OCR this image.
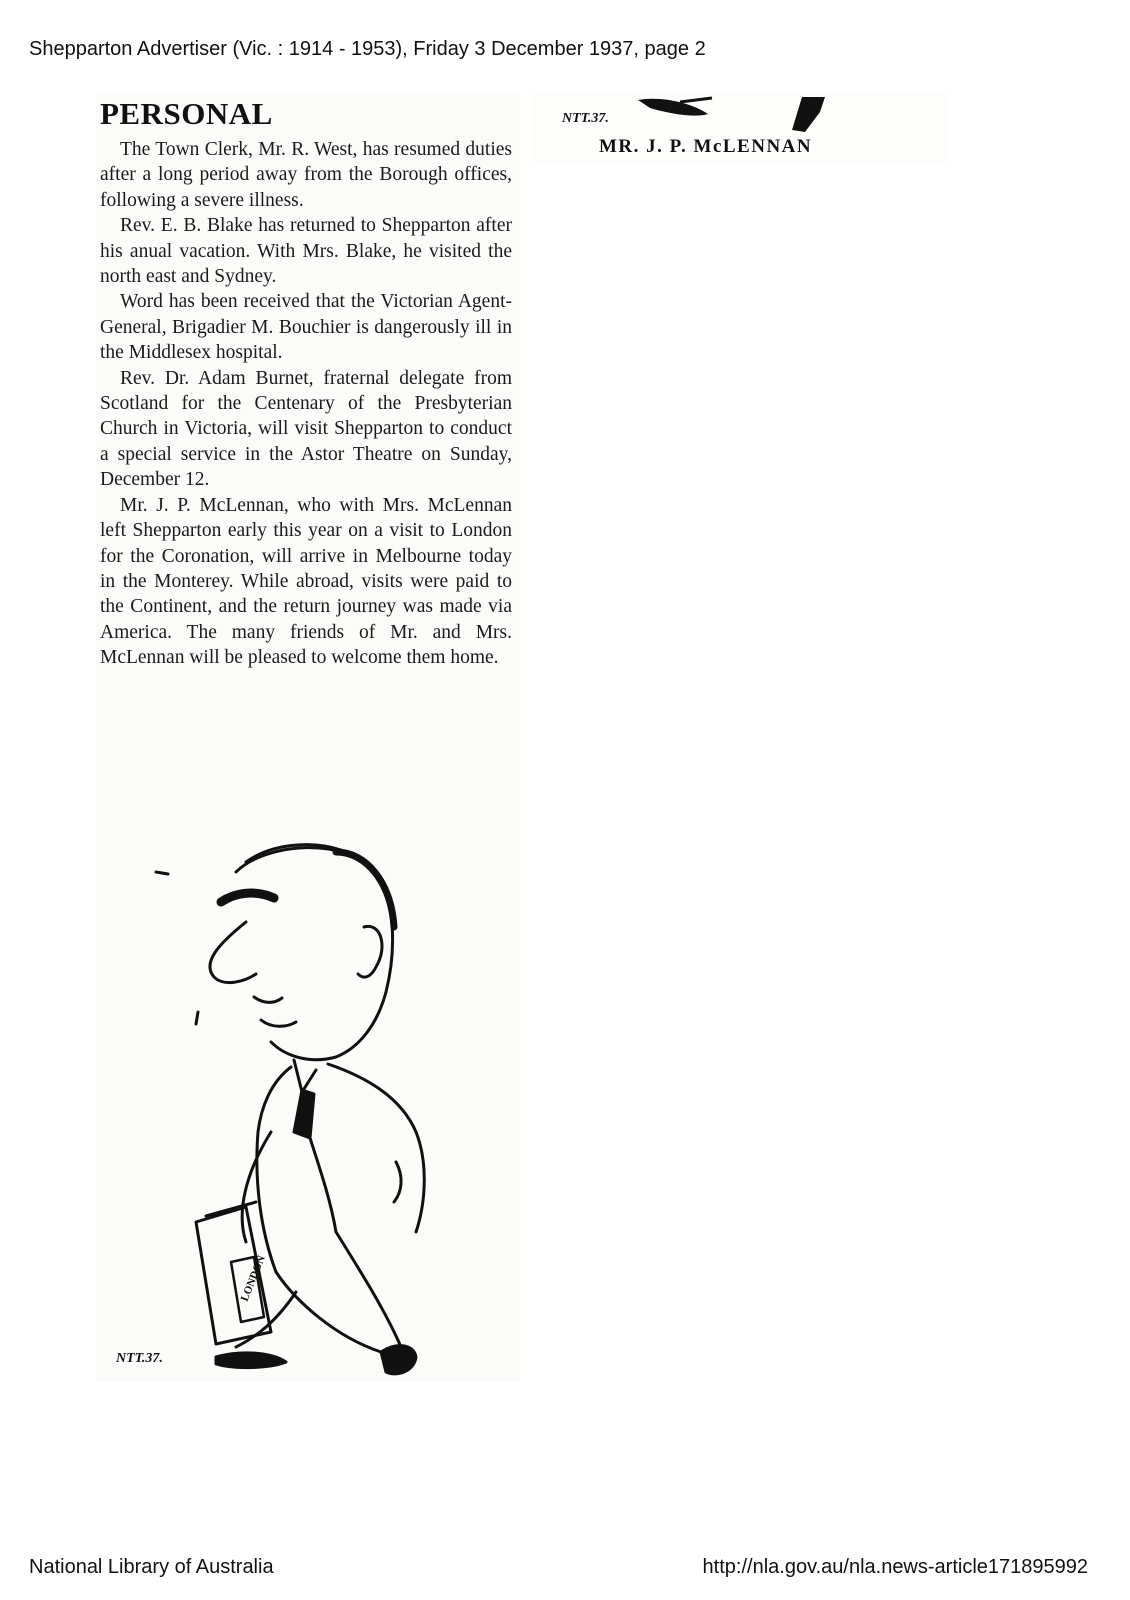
Shepparton Advertiser (Vic. : 1914 - 1953), Friday 3 December 1937, page 2
PERSONAL

The Town Clerk, Mr. R. West, has resumed duties after a long period away from the Borough offices, following a severe illness.

Rev. E. B. Blake has returned to Shepparton after his anual vacation. With Mrs. Blake, he visited the north east and Sydney.

Word has been received that the Victorian Agent-General, Brigadier M. Bouchier is dangerously ill in the Middlesex hospital.

Rev. Dr. Adam Burnet, fraternal delegate from Scotland for the Centenary of the Presbyterian Church in Victoria, will visit Shepparton to conduct a special service in the Astor Theatre on Sunday, December 12.

Mr. J. P. McLennan, who with Mrs. McLennan left Shepparton early this year on a visit to London for the Coronation, will arrive in Melbourne today in the Monterey. While abroad, visits were paid to the Continent, and the return journey was made via America. The many friends of Mr. and Mrs. McLennan will be pleased to welcome them home.

LONDON
NTT.37.
NTT.37.
MR. J. P. McLENNAN
National Library of Australia	http://nla.gov.au/nla.news-article171895992
